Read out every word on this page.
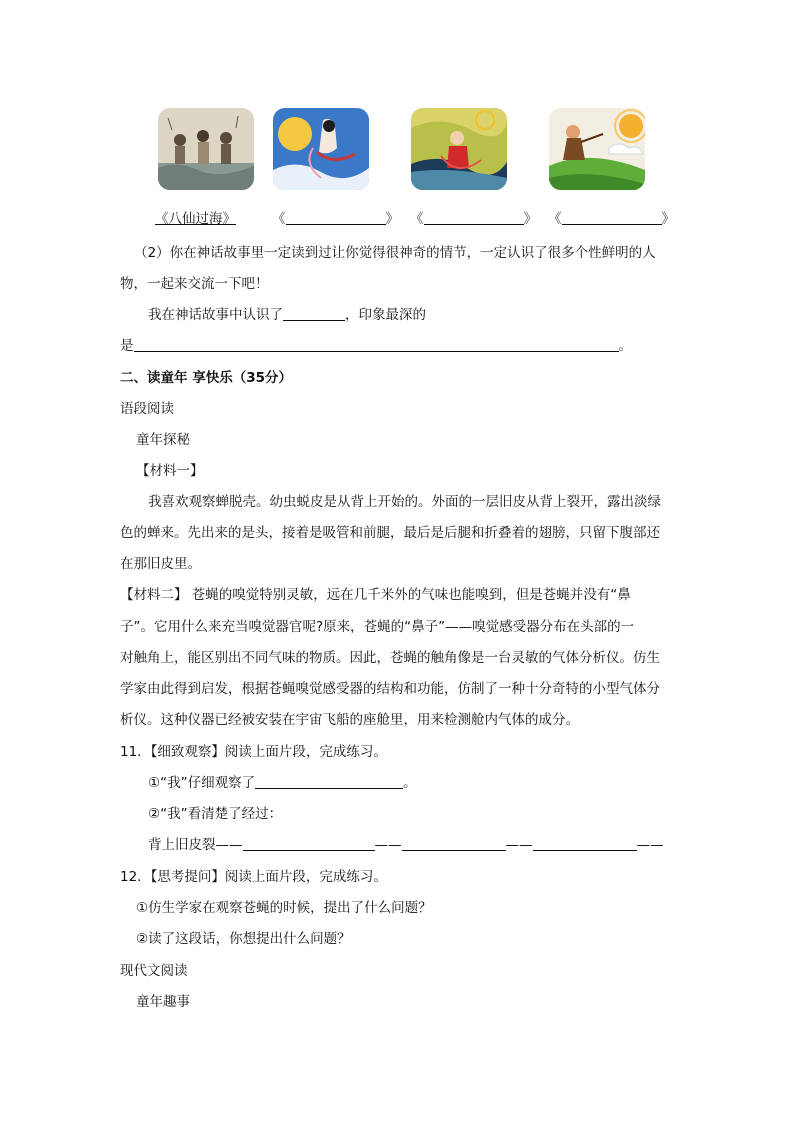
《八仙过海》	《	》 《	》 《	》
（2）你在神话故事里一定读到过让你觉得很神奇的情节，一定认识了很多个性鲜明的人
物，一起来交流一下吧！
我在神话故事中认识了	，印象最深的
是	。
二、读童年 享快乐（35分）
语段阅读
童年探秘
【材料一】
我喜欢观察蝉脱壳。幼虫蜕皮是从背上开始的。外面的一层旧皮从背上裂开，露出淡绿
色的蝉来。先出来的是头，接着是吸管和前腿，最后是后腿和折叠着的翅膀，只留下腹部还
在那旧皮里。
【材料二】 苍蝇的嗅觉特别灵敏，远在几千米外的气味也能嗅到，但是苍蝇并没有“鼻
子”。它用什么来充当嗅觉器官呢?原来，苍蝇的“鼻子”——嗅觉感受器分布在头部的一
对触角上，能区别出不同气味的物质。因此，苍蝇的触角像是一台灵敏的气体分析仪。仿生
学家由此得到启发，根据苍蝇嗅觉感受器的结构和功能，仿制了一种十分奇特的小型气体分
析仪。这种仪器已经被安装在宇宙飞船的座舱里，用来检测舱内气体的成分。
11．【细致观察】阅读上面片段，完成练习。
①“我”仔细观察了	。
②“我”看清楚了经过：
背上旧皮裂——	——	——	——
12．【思考提问】阅读上面片段，完成练习。
①仿生学家在观察苍蝇的时候，提出了什么问题？
②读了这段话，你想提出什么问题？
现代文阅读
童年趣事
